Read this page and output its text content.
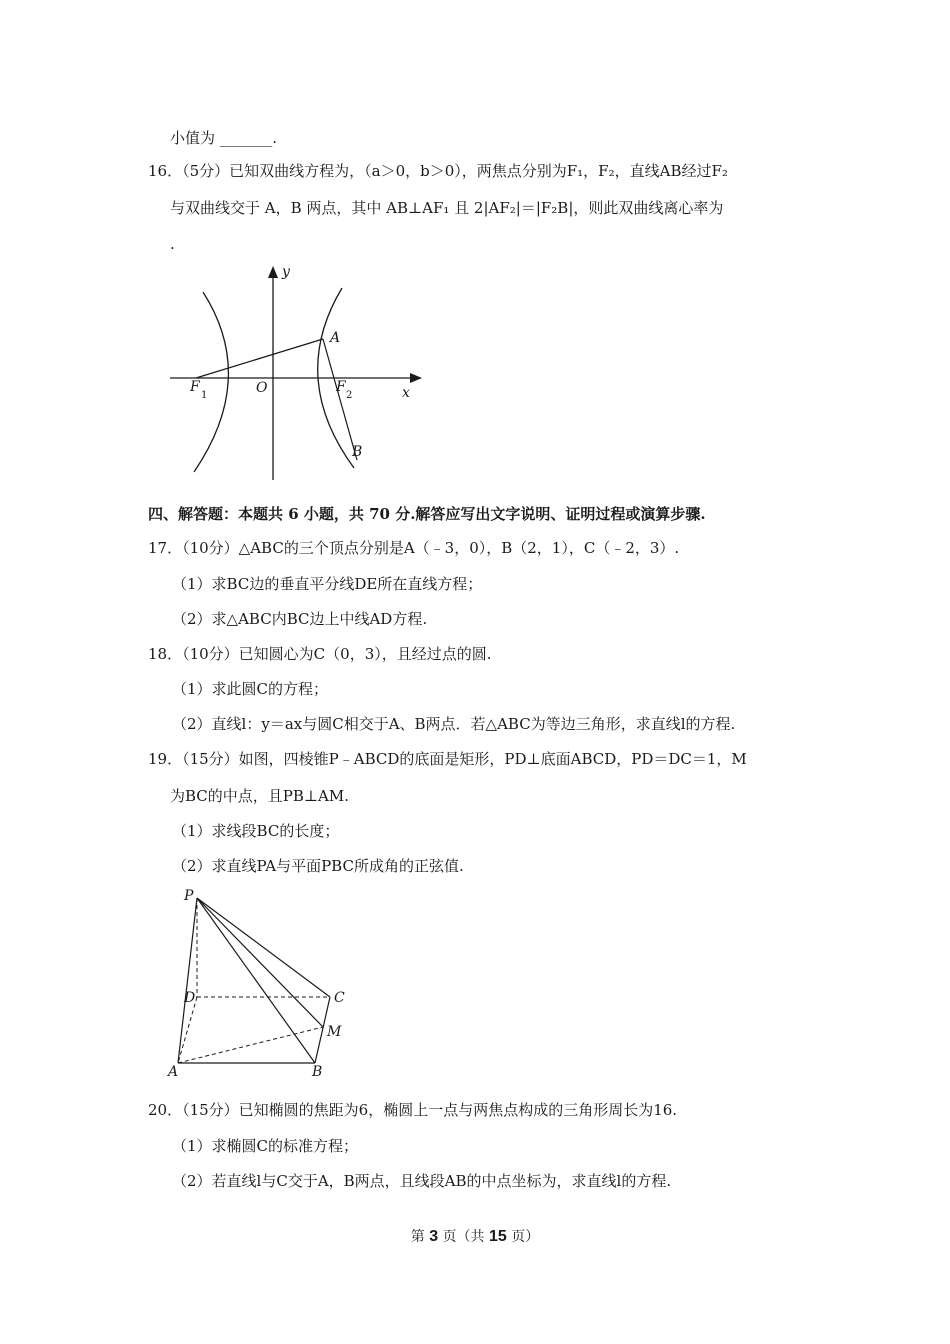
小值为 _______.
16．（5分）已知双曲线方程为，（a＞0，b＞0），两焦点分别为F₁，F₂，直线AB经过F₂
与双曲线交于 A，B 两点，其中 AB⊥AF₁ 且 2|AF₂|＝|F₂B|，则此双曲线离心率为
.
y
O
A
B
x
F
1
F
2
四、解答题：本题共 6 小题，共 70 分.解答应写出文字说明、证明过程或演算步骤.
17．（10分）△ABC的三个顶点分别是A（﹣3，0），B（2，1），C（﹣2，3）.
（1）求BC边的垂直平分线DE所在直线方程；
（2）求△ABC内BC边上中线AD方程.
18．（10分）已知圆心为C（0，3），且经过点的圆.
（1）求此圆C的方程；
（2）直线l：y＝ax与圆C相交于A、B两点．若△ABC为等边三角形，求直线l的方程.
19．（15分）如图，四棱锥P﹣ABCD的底面是矩形，PD⊥底面ABCD，PD＝DC＝1，M
为BC的中点，且PB⊥AM.
（1）求线段BC的长度；
（2）求直线PA与平面PBC所成角的正弦值.
P
D	C
M
A	B
20．（15分）已知椭圆的焦距为6，椭圆上一点与两焦点构成的三角形周长为16.
（1）求椭圆C的标准方程；
（2）若直线l与C交于A，B两点，且线段AB的中点坐标为，求直线l的方程.
第 3 页（共 15 页）
